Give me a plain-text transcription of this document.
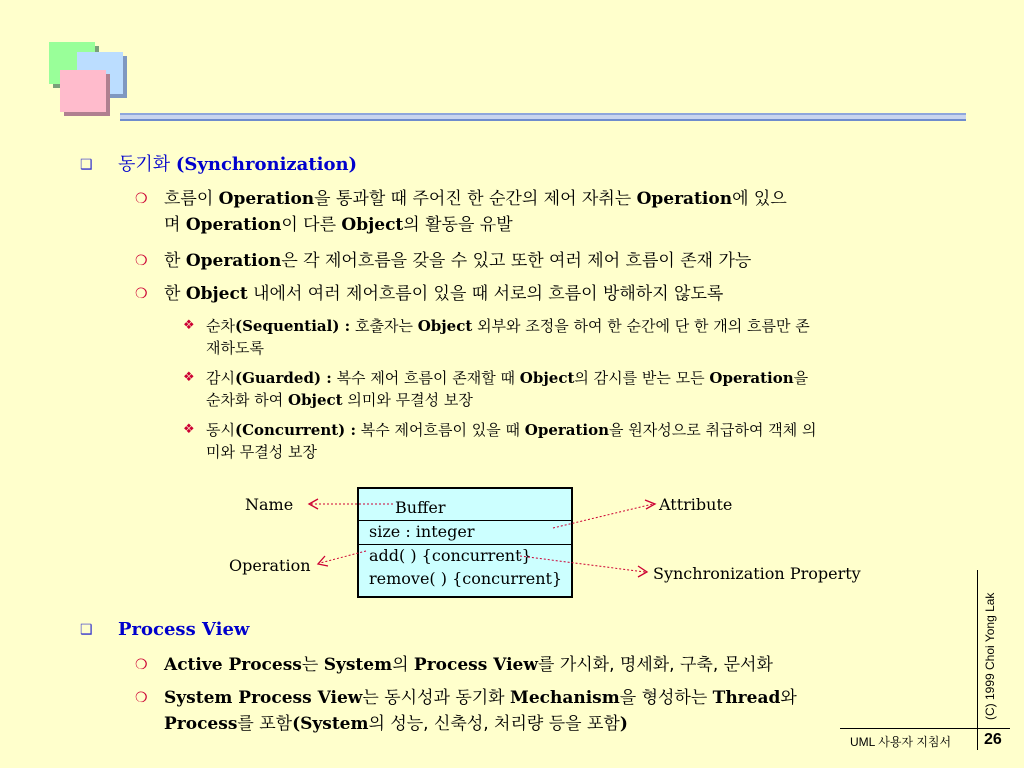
❑ 동기화 (Synchronization)
❍ 흐름이 Operation을 통과할 때 주어진 한 순간의 제어 자취는 Operation에 있으
며 Operation이 다른 Object의 활동을 유발
❍ 한 Operation은 각 제어흐름을 갖을 수 있고 또한 여러 제어 흐름이 존재 가능
❍ 한 Object 내에서 여러 제어흐름이 있을 때 서로의 흐름이 방해하지 않도록
❖ 순차(Sequential) : 호출자는 Object 외부와 조정을 하여 한 순간에 단 한 개의 흐름만 존
재하도록
❖ 감시(Guarded) : 복수 제어 흐름이 존재할 때 Object의 감시를 받는 모든 Operation을
순차화 하여 Object 의미와 무결성 보장
❖ 동시(Concurrent) : 복수 제어흐름이 있을 때 Operation을 원자성으로 취급하여 객체 의
미와 무결성 보장
Buffer
size : integer
add( ) {concurrent}
remove( ) {concurrent}
Name
Operation
Attribute
Synchronization Property
❑ Process View
❍ Active Process는 System의 Process View를 가시화, 명세화, 구축, 문서화
❍ System Process View는 동시성과 동기화 Mechanism을 형성하는 Thread와
Process를 포함(System의 성능, 신축성, 처리량 등을 포함)
(C) 1999 Choi Yong Lak
UML 사용자 지침서 26
